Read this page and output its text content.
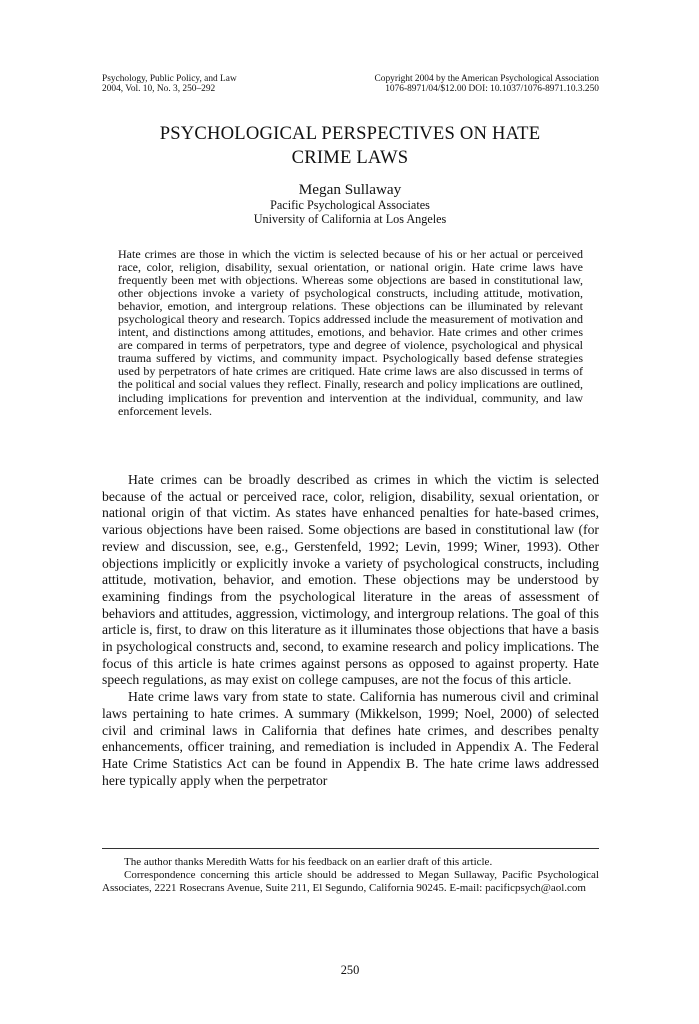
Psychology, Public Policy, and Law
2004, Vol. 10, No. 3, 250–292
Copyright 2004 by the American Psychological Association
1076-8971/04/$12.00 DOI: 10.1037/1076-8971.10.3.250
PSYCHOLOGICAL PERSPECTIVES ON HATE
CRIME LAWS
Megan Sullaway
Pacific Psychological Associates
University of California at Los Angeles

Hate crimes are those in which the victim is selected because of his or her actual or perceived race, color, religion, disability, sexual orientation, or national origin. Hate crime laws have frequently been met with objections. Whereas some objections are based in constitutional law, other objections invoke a variety of psychological constructs, including attitude, motivation, behavior, emotion, and intergroup relations. These objections can be illuminated by relevant psychological theory and research. Topics addressed include the measurement of motivation and intent, and distinctions among attitudes, emotions, and behavior. Hate crimes and other crimes are compared in terms of perpetrators, type and degree of violence, psychological and physical trauma suffered by victims, and community impact. Psychologically based defense strategies used by perpetrators of hate crimes are critiqued. Hate crime laws are also discussed in terms of the political and social values they reflect. Finally, research and policy implications are outlined, including implications for prevention and intervention at the individual, community, and law enforcement levels.

Hate crimes can be broadly described as crimes in which the victim is selected because of the actual or perceived race, color, religion, disability, sexual orientation, or national origin of that victim. As states have enhanced penalties for hate-based crimes, various objections have been raised. Some objections are based in constitutional law (for review and discussion, see, e.g., Gerstenfeld, 1992; Levin, 1999; Winer, 1993). Other objections implicitly or explicitly invoke a variety of psychological constructs, including attitude, motivation, behavior, and emotion. These objections may be understood by examining findings from the psychological literature in the areas of assessment of behaviors and attitudes, aggression, victimology, and intergroup relations. The goal of this article is, first, to draw on this literature as it illuminates those objections that have a basis in psychological constructs and, second, to examine research and policy implications. The focus of this article is hate crimes against persons as opposed to against property. Hate speech regulations, as may exist on college campuses, are not the focus of this article.

Hate crime laws vary from state to state. California has numerous civil and criminal laws pertaining to hate crimes. A summary (Mikkelson, 1999; Noel, 2000) of selected civil and criminal laws in California that defines hate crimes, and describes penalty enhancements, officer training, and remediation is included in Appendix A. The Federal Hate Crime Statistics Act can be found in Appendix B. The hate crime laws addressed here typically apply when the perpetrator

The author thanks Meredith Watts for his feedback on an earlier draft of this article.

Correspondence concerning this article should be addressed to Megan Sullaway, Pacific Psychological Associates, 2221 Rosecrans Avenue, Suite 211, El Segundo, California 90245. E-mail: pacificpsych@aol.com

250
